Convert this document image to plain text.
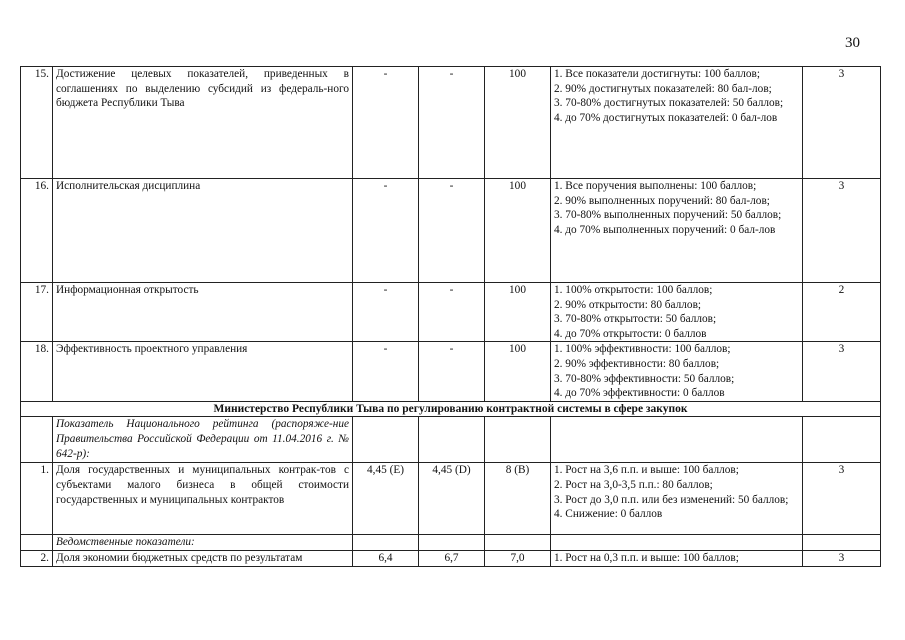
30
15.	Достижение целевых показателей, приведенных в соглашениях по выделению субсидий из федераль-ного бюджета Республики Тыва	-	-	100	1. Все показатели достигнуты: 100 баллов;
2. 90% достигнутых показателей: 80 бал-лов;
3. 70-80% достигнутых показателей: 50 баллов;
4. до 70% достигнутых показателей: 0 бал-лов	3
16.	Исполнительская дисциплина	-	-	100	1. Все поручения выполнены: 100 баллов;
2. 90% выполненных поручений: 80 бал-лов;
3. 70-80% выполненных поручений: 50 баллов;
4. до 70% выполненных поручений: 0 бал-лов	3
17.	Информационная открытость	-	-	100	1. 100% открытости: 100 баллов;
2. 90% открытости: 80 баллов;
3. 70-80% открытости: 50 баллов;
4. до 70% открытости: 0 баллов	2
18.	Эффективность проектного управления	-	-	100	1. 100% эффективности: 100 баллов;
2. 90% эффективности: 80 баллов;
3. 70-80% эффективности: 50 баллов;
4. до 70% эффективности: 0 баллов	3
Министерство Республики Тыва по регулированию контрактной системы в сфере закупок						
	Показатель Национального рейтинга (распоряже-ние Правительства Российской Федерации от 11.04.2016 г. № 642-р):					
1.	Доля государственных и муниципальных контрак-тов с субъектами малого бизнеса в общей стоимости государственных и муниципальных контрактов	4,45 (Е)	4,45 (D)	8 (В)	1. Рост на 3,6 п.п. и выше: 100 баллов;
2. Рост на 3,0-3,5 п.п.: 80 баллов;
3. Рост до 3,0 п.п. или без изменений: 50 баллов;
4. Снижение: 0 баллов	3
	Ведомственные показатели:					
2.	Доля экономии бюджетных средств по результатам	6,4	6,7	7,0	1. Рост на 0,3 п.п. и выше: 100 баллов;	3
